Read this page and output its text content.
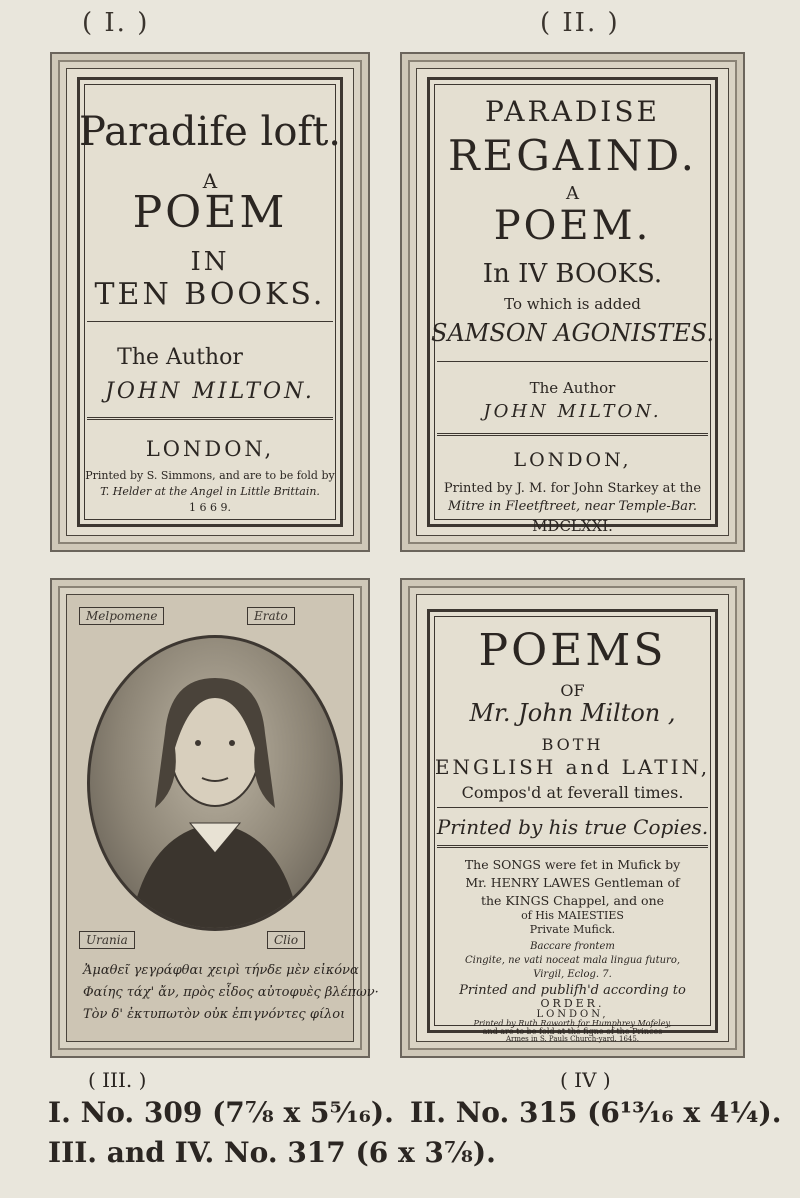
( I. )	( II. )
Paradife loft.
A
POEM
IN
TEN BOOKS.
The Author
JOHN MILTON.
LONDON,
Printed by S. Simmons, and are to be fold by
T. Helder at the Angel in Little Brittain.
1 6 6 9.
PARADISE
REGAIND.
A
POEM.
In IV BOOKS.
To which is added
SAMSON AGONISTES.
The Author
JOHN MILTON.
LONDON,
Printed by J. M. for John Starkey at the
Mitre in Fleetftreet, near Temple-Bar.
MDCLXXI.
Melpomene	Erato
Urania	Clio
Ἀμαθεῖ γεγράφθαι χειρὶ τήνδε μὲν εἰκόνα
Φαίης τάχ' ἄν, πρὸς εἶδος αὐτοφυὲς βλέπων·
Τὸν δ' ἐκτυπωτὸν οὐκ ἐπιγνόντες φίλοι
POEMS
OF
Mr. John Milton ,
BOTH
ENGLISH and LATIN,
Compos'd at feverall times.
Printed by his true Copies.
The SONGS were fet in Mufick by
Mr. HENRY LAWES Gentleman of
the KINGS Chappel, and one
of His MAIESTIES
Private Mufick.
Baccare frontem
Cingite, ne vati noceat mala lingua futuro,
Virgil, Eclog. 7.
Printed and publifh'd according to
ORDER.
LONDON,
Printed by Ruth Raworth for Humphrey Mofeley,
and are to be fold at the figne of the Princes
Armes in S. Pauls Church-yard. 1645.
( III. )	( IV )
I. No. 309 (7⅞ x 5⁵⁄₁₆). II. No. 315 (6¹³⁄₁₆ x 4¼).
III. and IV. No. 317 (6 x 3⅞).
